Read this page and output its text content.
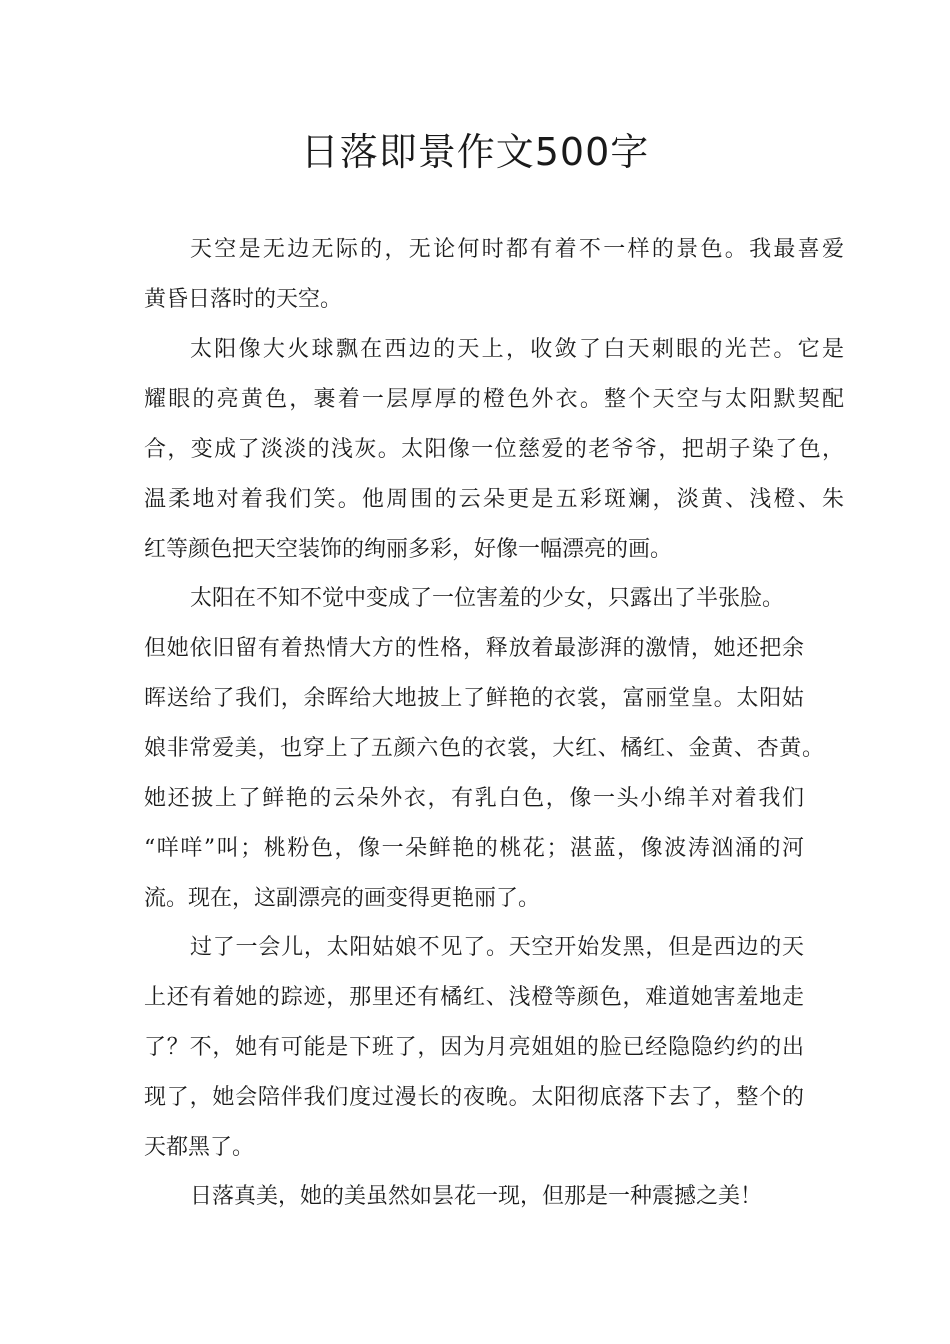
日落即景作文500字

天空是无边无际的，无论何时都有着不一样的景色。我最喜爱

黄昏日落时的天空。

太阳像大火球飘在西边的天上，收敛了白天刺眼的光芒。它是

耀眼的亮黄色，裹着一层厚厚的橙色外衣。整个天空与太阳默契配

合，变成了淡淡的浅灰。太阳像一位慈爱的老爷爷，把胡子染了色，

温柔地对着我们笑。他周围的云朵更是五彩斑斓，淡黄、浅橙、朱

红等颜色把天空装饰的绚丽多彩，好像一幅漂亮的画。

太阳在不知不觉中变成了一位害羞的少女，只露出了半张脸。

但她依旧留有着热情大方的性格，释放着最澎湃的激情，她还把余

晖送给了我们，余晖给大地披上了鲜艳的衣裳，富丽堂皇。太阳姑

娘非常爱美，也穿上了五颜六色的衣裳，大红、橘红、金黄、杏黄。

她还披上了鲜艳的云朵外衣，有乳白色，像一头小绵羊对着我们

“咩咩”叫；桃粉色，像一朵鲜艳的桃花；湛蓝，像波涛汹涌的河

流。现在，这副漂亮的画变得更艳丽了。

过了一会儿，太阳姑娘不见了。天空开始发黑，但是西边的天

上还有着她的踪迹，那里还有橘红、浅橙等颜色，难道她害羞地走

了？不，她有可能是下班了，因为月亮姐姐的脸已经隐隐约约的出

现了，她会陪伴我们度过漫长的夜晚。太阳彻底落下去了，整个的

天都黑了。

日落真美，她的美虽然如昙花一现，但那是一种震撼之美！
